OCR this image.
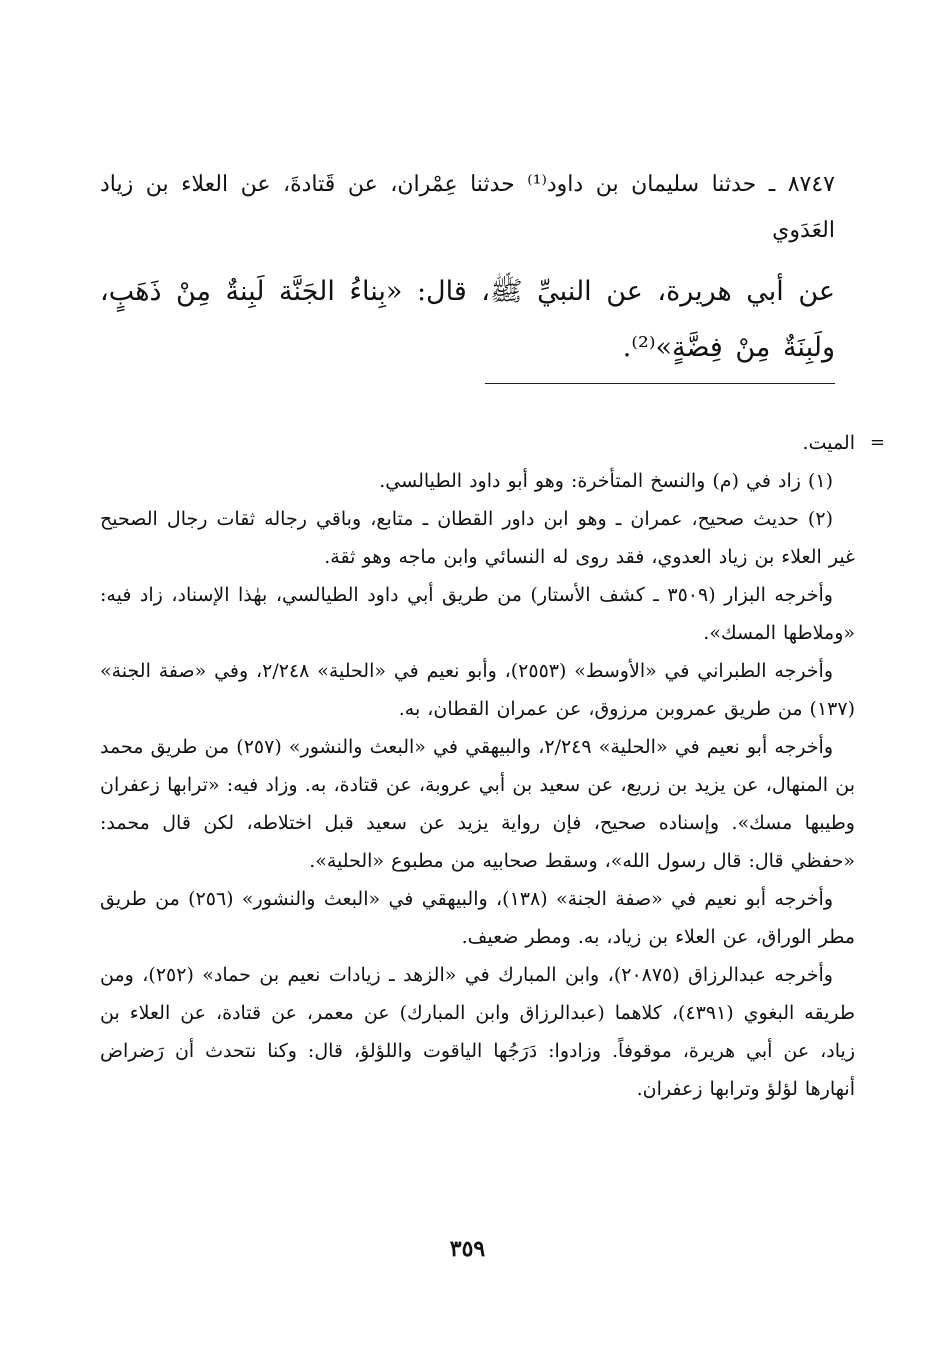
٨٧٤٧ ـ حدثنا سليمان بن داود⁽¹⁾ حدثنا عِمْران، عن قَتادةَ، عن العلاء بن زياد العَدَوي

عن أبي هريرة، عن النبيِّ ﷺ، قال: «بِناءُ الجَنَّة لَبِنةٌ مِنْ ذَهَبٍ، ولَبِنَةٌ مِنْ فِضَّةٍ»⁽²⁾.

=
الميت.

(١) زاد في (م) والنسخ المتأخرة: وهو أبو داود الطيالسي.

(٢) حديث صحيح، عمران ـ وهو ابن داور القطان ـ متابع، وباقي رجاله ثقات رجال الصحيح غير العلاء بن زياد العدوي، فقد روى له النسائي وابن ماجه وهو ثقة.

وأخرجه البزار (٣٥٠٩ ـ كشف الأستار) من طريق أبي داود الطيالسي، بهٰذا الإسناد، زاد فيه: «وملاطها المسك».

وأخرجه الطبراني في «الأوسط» (٢٥٥٣)، وأبو نعيم في «الحلية» ٢/٢٤٨، وفي «صفة الجنة» (١٣٧) من طريق عمروبن مرزوق، عن عمران القطان، به.

وأخرجه أبو نعيم في «الحلية» ٢/٢٤٩، والبيهقي في «البعث والنشور» (٢٥٧) من طريق محمد بن المنهال، عن يزيد بن زريع، عن سعيد بن أبي عروبة، عن قتادة، به. وزاد فيه: «ترابها زعفران وطيبها مسك». وإسناده صحيح، فإن رواية يزيد عن سعيد قبل اختلاطه، لكن قال محمد: «حفظي قال: قال رسول الله»، وسقط صحابيه من مطبوع «الحلية».

وأخرجه أبو نعيم في «صفة الجنة» (١٣٨)، والبيهقي في «البعث والنشور» (٢٥٦) من طريق مطر الوراق، عن العلاء بن زياد، به. ومطر ضعيف.

وأخرجه عبدالرزاق (٢٠٨٧٥)، وابن المبارك في «الزهد ـ زيادات نعيم بن حماد» (٢٥٢)، ومن طريقه البغوي (٤٣٩١)، كلاهما (عبدالرزاق وابن المبارك) عن معمر، عن قتادة، عن العلاء بن زياد، عن أبي هريرة، موقوفاً. وزادوا: دَرَجُها الياقوت واللؤلؤ، قال: وكنا نتحدث أن رَضراض أنهارها لؤلؤ وترابها زعفران.

٣٥٩
